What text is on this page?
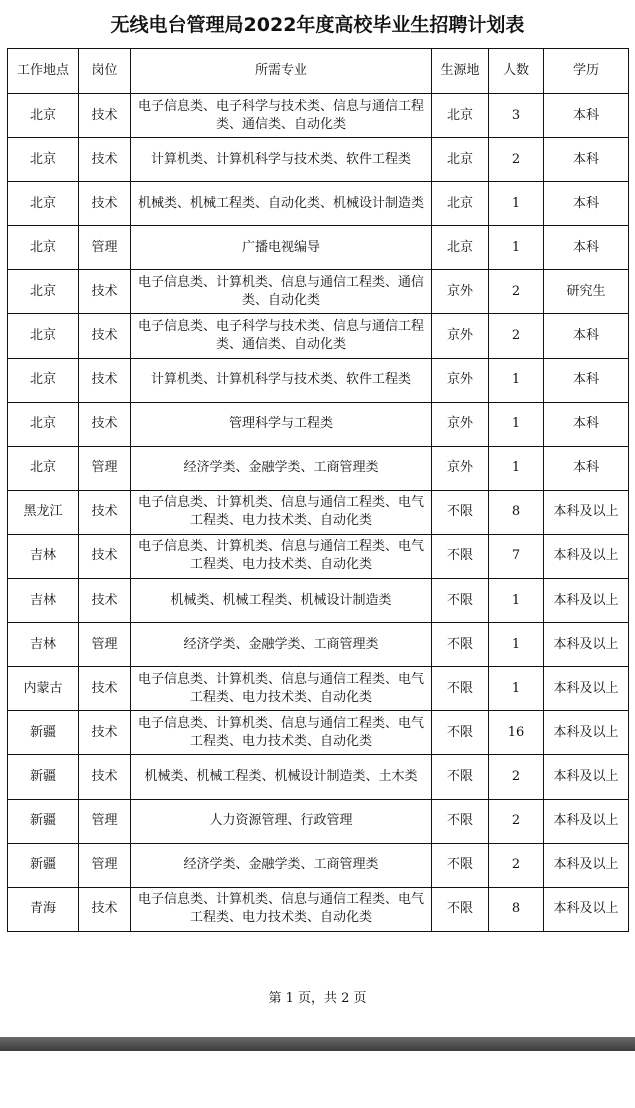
无线电台管理局2022年度高校毕业生招聘计划表
工作地点	岗位	所需专业	生源地	人数	学历
北京	技术	电子信息类、电子科学与技术类、信息与通信工程类、通信类、自动化类	北京	3	本科
北京	技术	计算机类、计算机科学与技术类、软件工程类	北京	2	本科
北京	技术	机械类、机械工程类、自动化类、机械设计制造类	北京	1	本科
北京	管理	广播电视编导	北京	1	本科
北京	技术	电子信息类、计算机类、信息与通信工程类、通信类、自动化类	京外	2	研究生
北京	技术	电子信息类、电子科学与技术类、信息与通信工程类、通信类、自动化类	京外	2	本科
北京	技术	计算机类、计算机科学与技术类、软件工程类	京外	1	本科
北京	技术	管理科学与工程类	京外	1	本科
北京	管理	经济学类、金融学类、工商管理类	京外	1	本科
黑龙江	技术	电子信息类、计算机类、信息与通信工程类、电气工程类、电力技术类、自动化类	不限	8	本科及以上
吉林	技术	电子信息类、计算机类、信息与通信工程类、电气工程类、电力技术类、自动化类	不限	7	本科及以上
吉林	技术	机械类、机械工程类、机械设计制造类	不限	1	本科及以上
吉林	管理	经济学类、金融学类、工商管理类	不限	1	本科及以上
内蒙古	技术	电子信息类、计算机类、信息与通信工程类、电气工程类、电力技术类、自动化类	不限	1	本科及以上
新疆	技术	电子信息类、计算机类、信息与通信工程类、电气工程类、电力技术类、自动化类	不限	16	本科及以上
新疆	技术	机械类、机械工程类、机械设计制造类、土木类	不限	2	本科及以上
新疆	管理	人力资源管理、行政管理	不限	2	本科及以上
新疆	管理	经济学类、金融学类、工商管理类	不限	2	本科及以上
青海	技术	电子信息类、计算机类、信息与通信工程类、电气工程类、电力技术类、自动化类	不限	8	本科及以上
第 1 页，共 2 页
